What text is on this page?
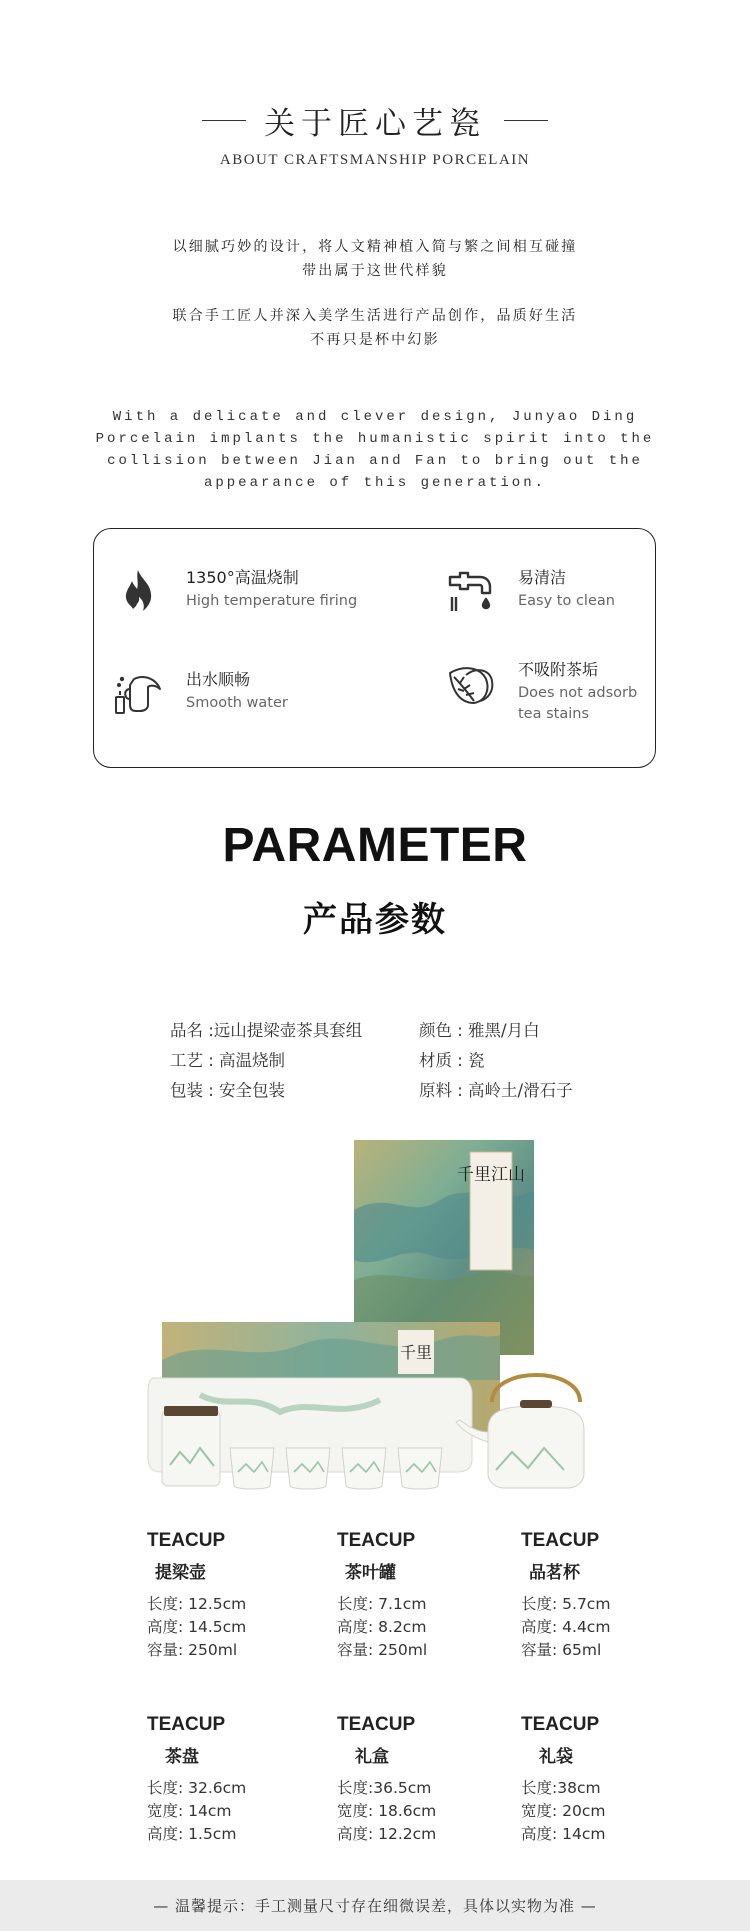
关于匠心艺瓷
ABOUT CRAFTSMANSHIP PORCELAIN
以细腻巧妙的设计，将人文精神植入简与繁之间相互碰撞
带出属于这世代样貌
联合手工匠人并深入美学生活进行产品创作，品质好生活
不再只是杯中幻影
With a delicate and clever design, Junyao Ding
Porcelain implants the humanistic spirit into the
collision between Jian and Fan to bring out the
appearance of this generation.
1350°高温烧制
High temperature firing
易清洁
Easy to clean
出水顺畅
Smooth water
不吸附茶垢
Does not adsorb
tea stains
PARAMETER
产品参数
品名 :远山提梁壶茶具套组
工艺 : 高温烧制
包装 : 安全包装
颜色 : 雅黑/月白
材质 : 瓷
原料 : 高岭土/滑石子
千里江山
千里
TEACUP
提梁壶
长度: 12.5cm
高度: 14.5cm
容量: 250ml
TEACUP
茶叶罐
长度: 7.1cm
高度: 8.2cm
容量: 250ml
TEACUP
品茗杯
长度: 5.7cm
高度: 4.4cm
容量: 65ml
TEACUP
茶盘
长度: 32.6cm
宽度: 14cm
高度: 1.5cm
TEACUP
礼盒
长度:36.5cm
宽度: 18.6cm
高度: 12.2cm
TEACUP
礼袋
长度:38cm
宽度: 20cm
高度: 14cm
— 温馨提示：手工测量尺寸存在细微误差，具体以实物为准 —
